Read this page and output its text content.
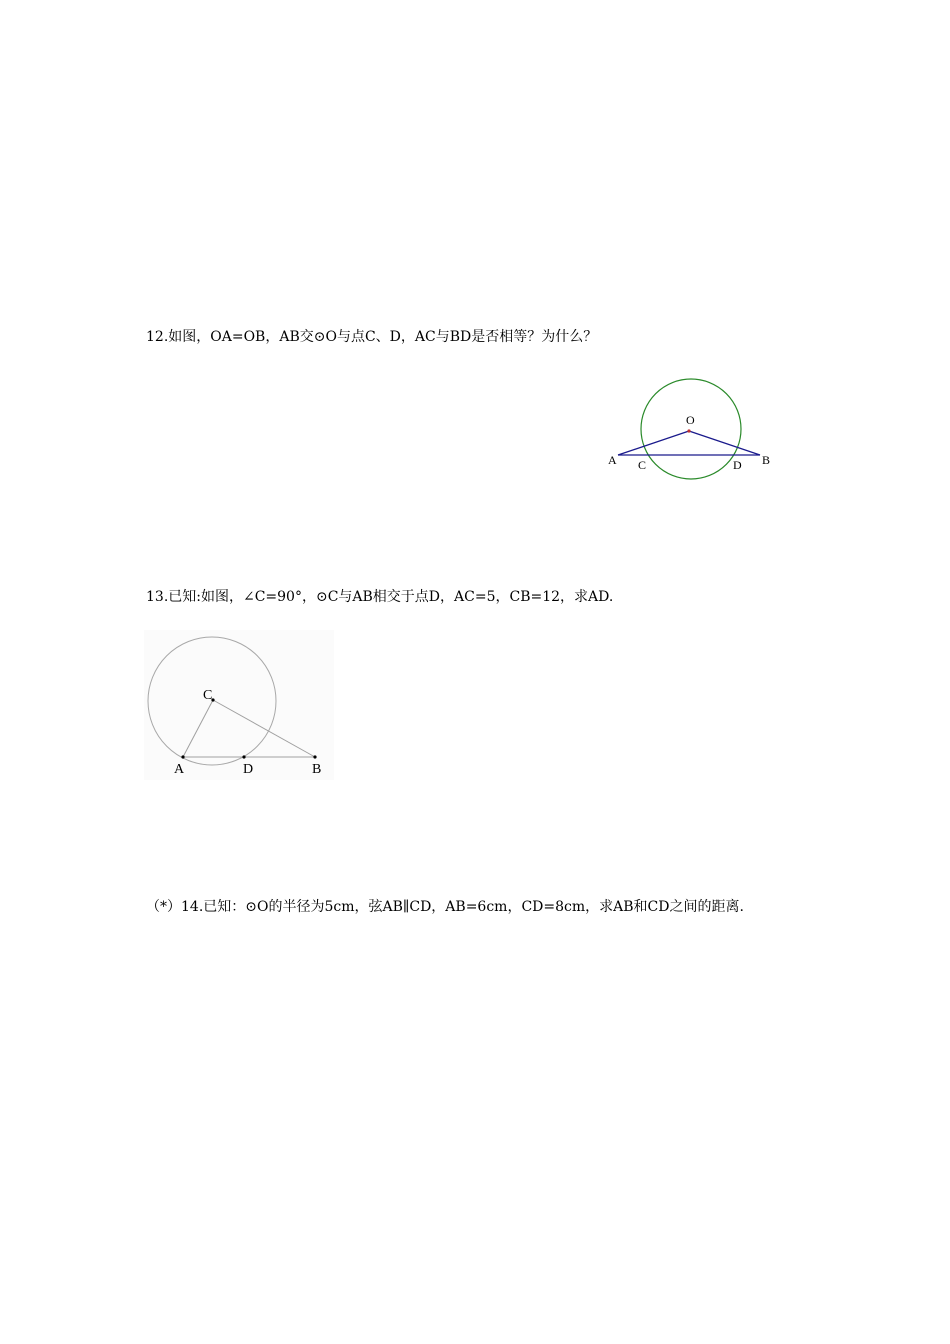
12.如图，OA=OB，AB交⊙O与点C、D，AC与BD是否相等？为什么？

O
A	B
C	D

13.已知:如图，∠C=90°，⊙C与AB相交于点D，AC=5，CB=12，求AD.

C
A	D	B

（*）14.已知：⊙O的半径为5cm，弦AB∥CD，AB=6cm，CD=8cm，求AB和CD之间的距离.
